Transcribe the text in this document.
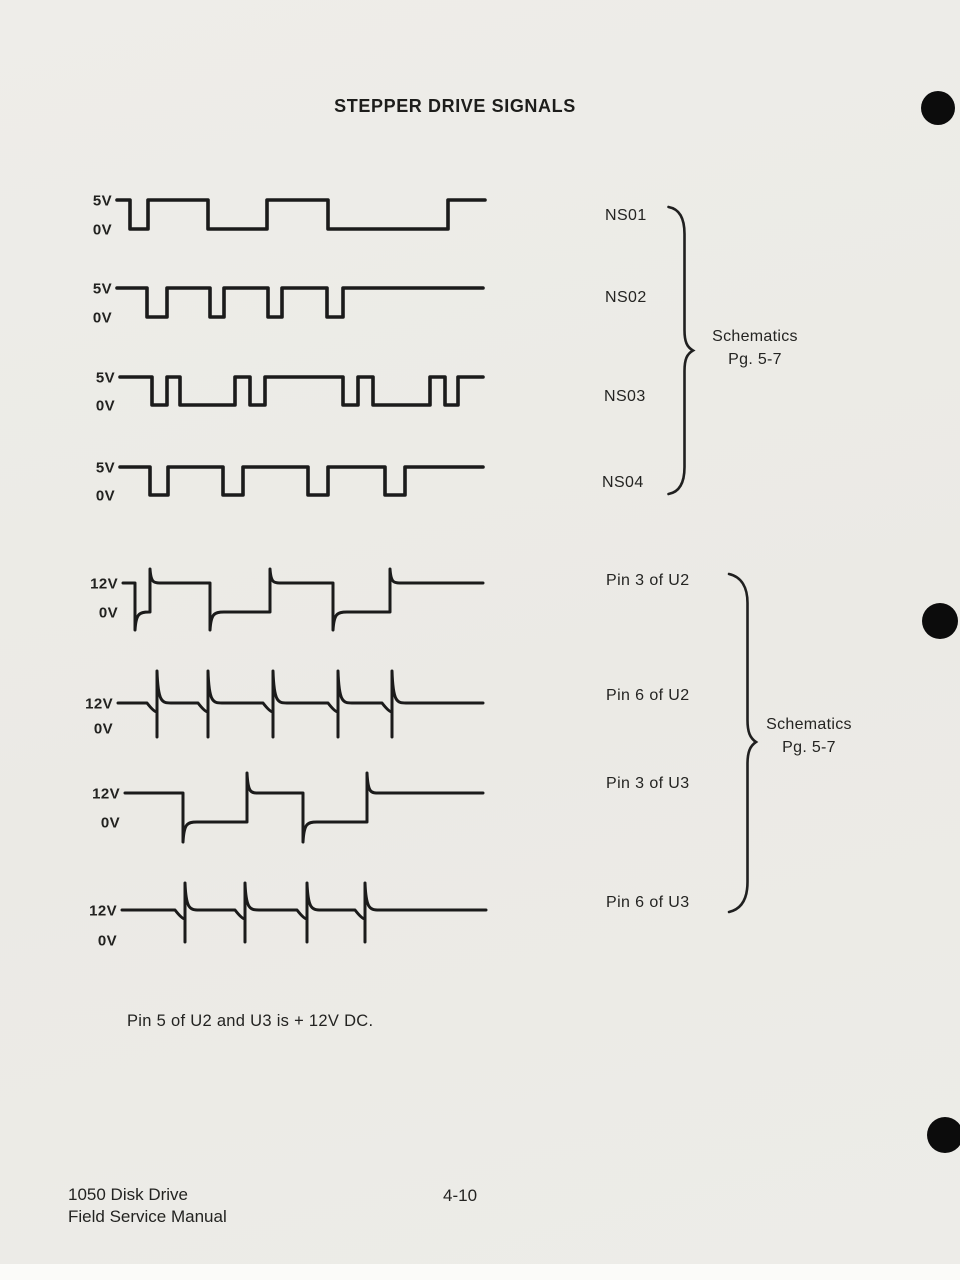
STEPPER DRIVE SIGNALS
5V
0V
NS01
5V
0V
NS02
5V
0V
NS03
5V
0V
NS04
12V
0V
Pin 3 of U2
12V
0V
Pin 6 of U2
12V
0V
Pin 3 of U3
12V
0V
Pin 6 of U3
Schematics
Pg. 5-7
Schematics
Pg. 5-7
Pin 5 of U2 and U3 is + 12V DC.
1050 Disk Drive
Field Service Manual
4-10
